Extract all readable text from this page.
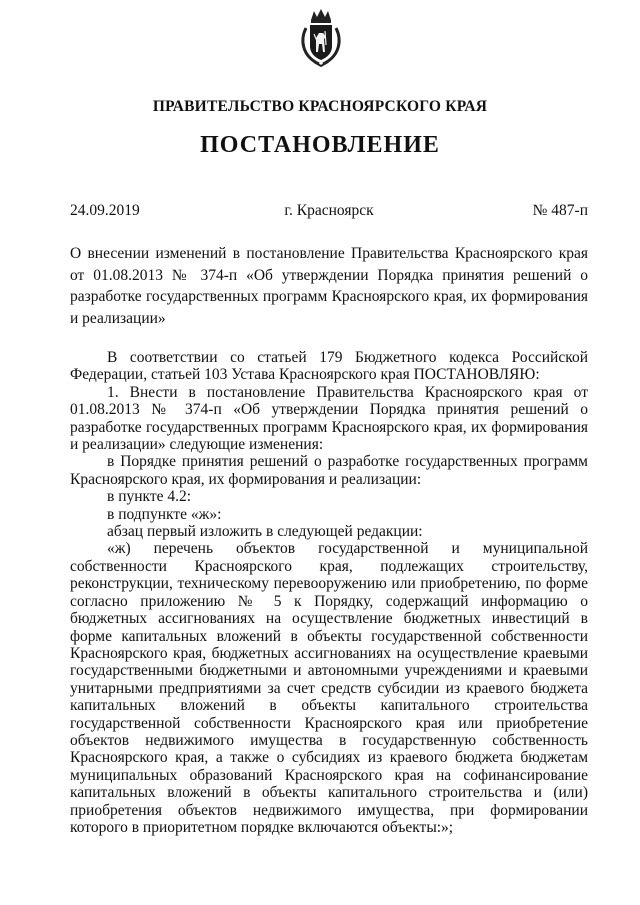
ПРАВИТЕЛЬСТВО КРАСНОЯРСКОГО КРАЯ
ПОСТАНОВЛЕНИЕ
24.09.2019	г. Красноярск	№ 487-п
О внесении изменений в постановление Правительства Красноярского края от 01.08.2013 № 374-п «Об утверждении Порядка принятия решений о разработке государственных программ Красноярского края, их формирования и реализации»

В соответствии со статьей 179 Бюджетного кодекса Российской Федерации, статьей 103 Устава Красноярского края ПОСТАНОВЛЯЮ:

1. Внести в постановление Правительства Красноярского края от 01.08.2013 № 374-п «Об утверждении Порядка принятия решений о разработке государственных программ Красноярского края, их формирования и реализации» следующие изменения:

в Порядке принятия решений о разработке государственных программ Красноярского края, их формирования и реализации:

в пункте 4.2:

в подпункте «ж»:

абзац первый изложить в следующей редакции:

«ж) перечень объектов государственной и муниципальной собственности Красноярского края, подлежащих строительству, реконструкции, техническому перевооружению или приобретению, по форме согласно приложению № 5 к Порядку, содержащий информацию о бюджетных ассигнованиях на осуществление бюджетных инвестиций в форме капитальных вложений в объекты государственной собственности Красноярского края, бюджетных ассигнованиях на осуществление краевыми государственными бюджетными и автономными учреждениями и краевыми унитарными предприятиями за счет средств субсидии из краевого бюджета капитальных вложений в объекты капитального строительства государственной собственности Красноярского края или приобретение объектов недвижимого имущества в государственную собственность Красноярского края, а также о субсидиях из краевого бюджета бюджетам муниципальных образований Красноярского края на софинансирование капитальных вложений в объекты капитального строительства и (или) приобретения объектов недвижимого имущества, при формировании которого в приоритетном порядке включаются объекты:»;
